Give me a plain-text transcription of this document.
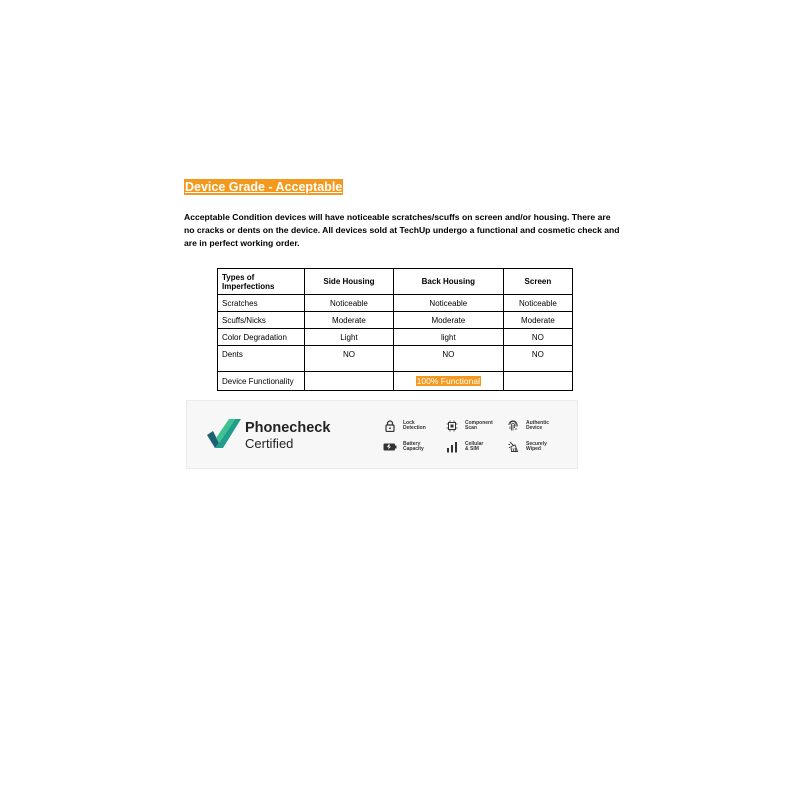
Device Grade - Acceptable
Acceptable Condition devices will have noticeable scratches/scuffs on screen and/or housing. There are no cracks or dents on the device. All devices sold at TechUp undergo a functional and cosmetic check and are in perfect working order.
Types of Imperfections	Side Housing	Back Housing	Screen
Scratches	Noticeable	Noticeable	Noticeable
Scuffs/Nicks	Moderate	Moderate	Moderate
Color Degradation	Light	light	NO
Dents	NO	NO	NO
Device Functionality		100% Functional	
Phonecheck
Certified
Lock
Detection
Component
Scan
Authentic
Device
Battery
Capacity
Cellular
& SIM
Securely
Wiped
